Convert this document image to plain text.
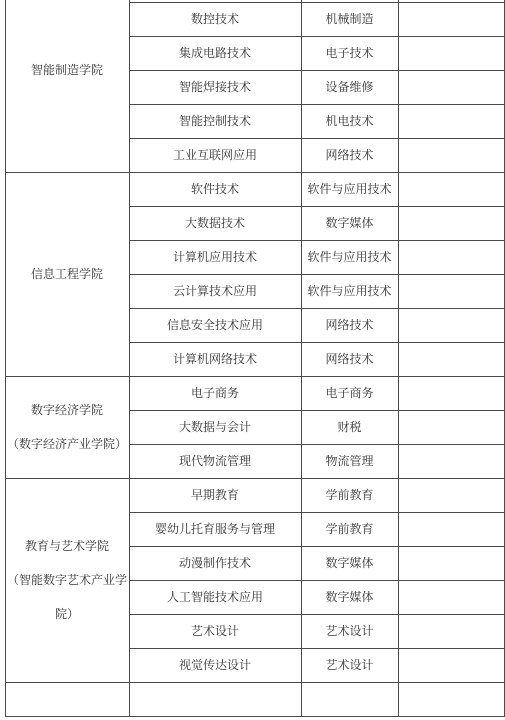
智能制造学院
数控技术	机械制造
集成电路技术	电子技术
智能焊接技术	设备维修
智能控制技术	机电技术
工业互联网应用	网络技术
信息工程学院
软件技术	软件与应用技术
大数据技术	数字媒体
计算机应用技术	软件与应用技术
云计算技术应用	软件与应用技术
信息安全技术应用	网络技术
计算机网络技术	网络技术
数字经济学院
（数字经济产业学院）
电子商务	电子商务
大数据与会计	财税
现代物流管理	物流管理
教育与艺术学院
（智能数字艺术产业学
院）
早期教育	学前教育
婴幼儿托育服务与管理	学前教育
动漫制作技术	数字媒体
人工智能技术应用	数字媒体
艺术设计	艺术设计
视觉传达设计	艺术设计
